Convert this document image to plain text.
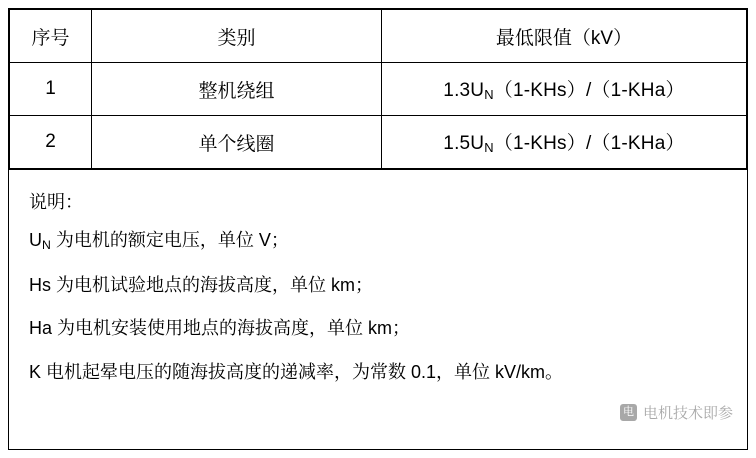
序号	类别	最低限值（kV）
1	整机绕组	$1.3U_N(1-KHs)/(1-KHa)$
2	单个线圈	$1.5U_N(1-KHs)/(1-KHa)$
说明：
$U_N$ 为电机的额定电压，单位 V；
Hs 为电机试验地点的海拔高度，单位 km；
Ha 为电机安装使用地点的海拔高度，单位 km；
K 电机起晕电压的随海拔高度的递减率，为常数 0.1，单位 kV/km。
电 电机技术即参
